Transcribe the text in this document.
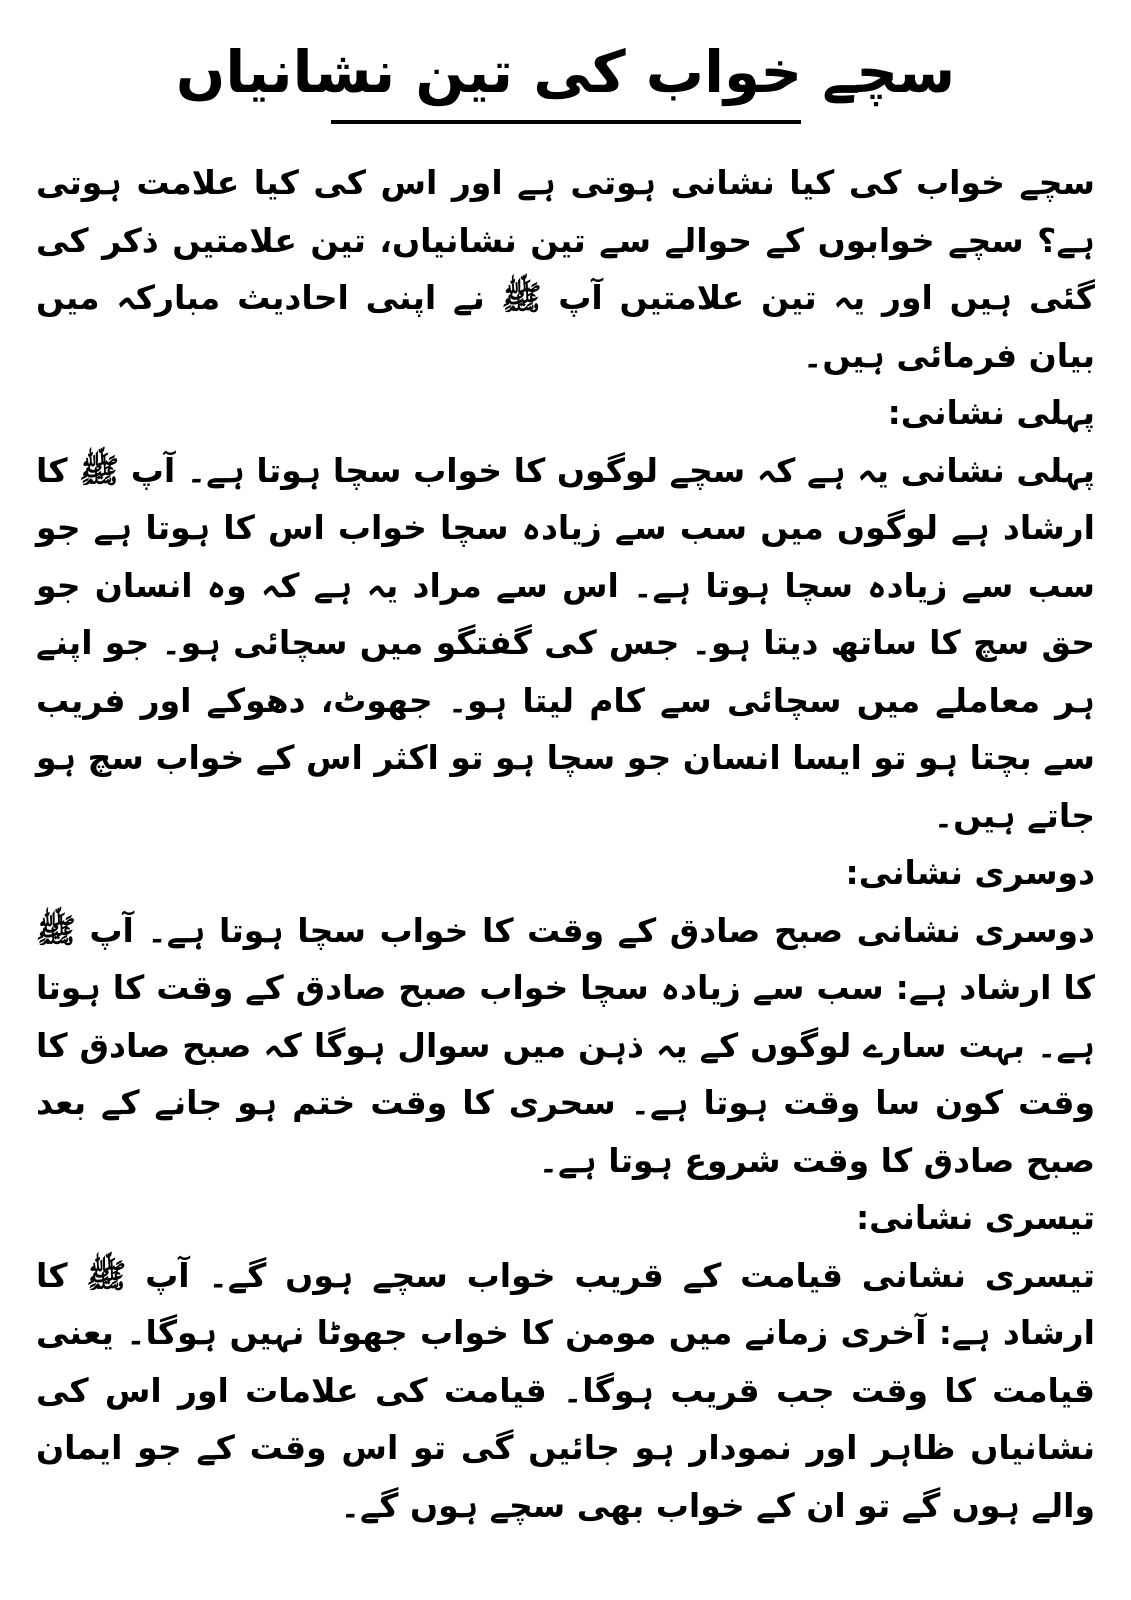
سچے خواب کی تین نشانیاں

سچے خواب کی کیا نشانی ہوتی ہے اور اس کی کیا علامت ہوتی ہے؟ سچے خوابوں کے حوالے سے تین نشانیاں، تین علامتیں ذکر کی گئی ہیں اور یہ تین علامتیں آپ ﷺ نے اپنی احادیث مبارکہ میں بیان فرمائی ہیں۔

پہلی نشانی:

پہلی نشانی یہ ہے کہ سچے لوگوں کا خواب سچا ہوتا ہے۔ آپ ﷺ کا ارشاد ہے لوگوں میں سب سے زیادہ سچا خواب اس کا ہوتا ہے جو سب سے زیادہ سچا ہوتا ہے۔ اس سے مراد یہ ہے کہ وہ انسان جو حق سچ کا ساتھ دیتا ہو۔ جس کی گفتگو میں سچائی ہو۔ جو اپنے ہر معاملے میں سچائی سے کام لیتا ہو۔ جھوٹ، دھوکے اور فریب سے بچتا ہو تو ایسا انسان جو سچا ہو تو اکثر اس کے خواب سچ ہو جاتے ہیں۔

دوسری نشانی:

دوسری نشانی صبح صادق کے وقت کا خواب سچا ہوتا ہے۔ آپ ﷺ کا ارشاد ہے: سب سے زیادہ سچا خواب صبح صادق کے وقت کا ہوتا ہے۔ بہت سارے لوگوں کے یہ ذہن میں سوال ہوگا کہ صبح صادق کا وقت کون سا وقت ہوتا ہے۔ سحری کا وقت ختم ہو جانے کے بعد صبح صادق کا وقت شروع ہوتا ہے۔

تیسری نشانی:

تیسری نشانی قیامت کے قریب خواب سچے ہوں گے۔ آپ ﷺ کا ارشاد ہے: آخری زمانے میں مومن کا خواب جھوٹا نہیں ہوگا۔ یعنی قیامت کا وقت جب قریب ہوگا۔ قیامت کی علامات اور اس کی نشانیاں ظاہر اور نمودار ہو جائیں گی تو اس وقت کے جو ایمان والے ہوں گے تو ان کے خواب بھی سچے ہوں گے۔
